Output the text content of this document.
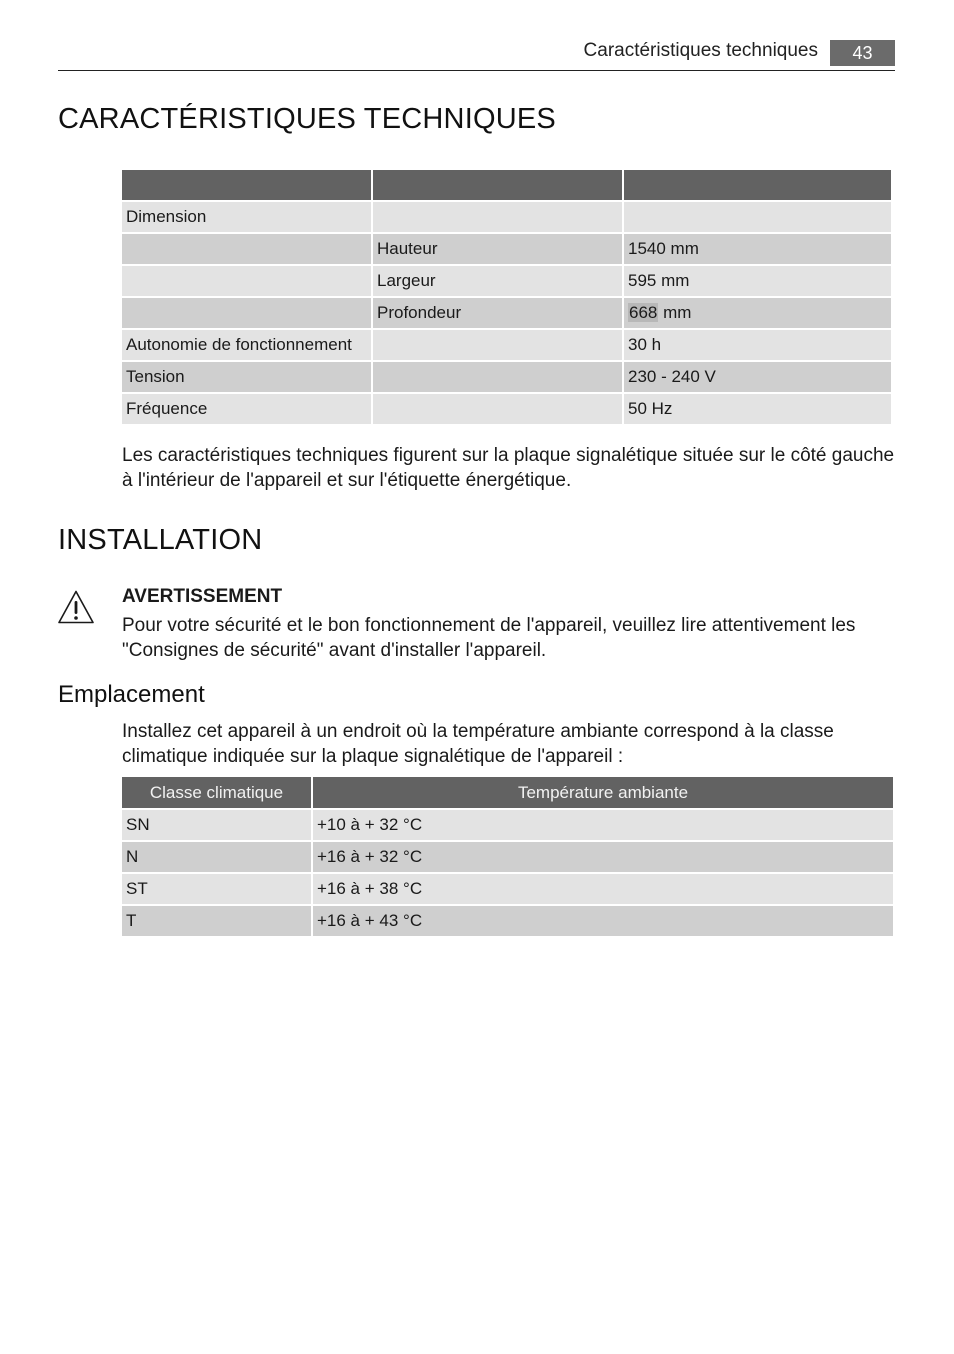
Caractéristiques techniques	43
CARACTÉRISTIQUES TECHNIQUES

Dimension		
	Hauteur	1540 mm
	Largeur	595 mm
	Profondeur	668 mm
Autonomie de fonctionnement		30 h
Tension		230 - 240 V
Fréquence		50 Hz

Les caractéristiques techniques figurent sur la plaque signalétique située sur le côté gauche à l'intérieur de l'appareil et sur l'étiquette énergétique.

INSTALLATION

AVERTISSEMENT

Pour votre sécurité et le bon fonctionnement de l'appareil, veuillez lire attentivement les "Consignes de sécurité" avant d'installer l'appareil.

Emplacement

Installez cet appareil à un endroit où la température ambiante correspond à la classe climatique indiquée sur la plaque signalétique de l'appareil :

Classe climatique	Température ambiante
SN	+10 à + 32 °C
N	+16 à + 32 °C
ST	+16 à + 38 °C
T	+16 à + 43 °C
